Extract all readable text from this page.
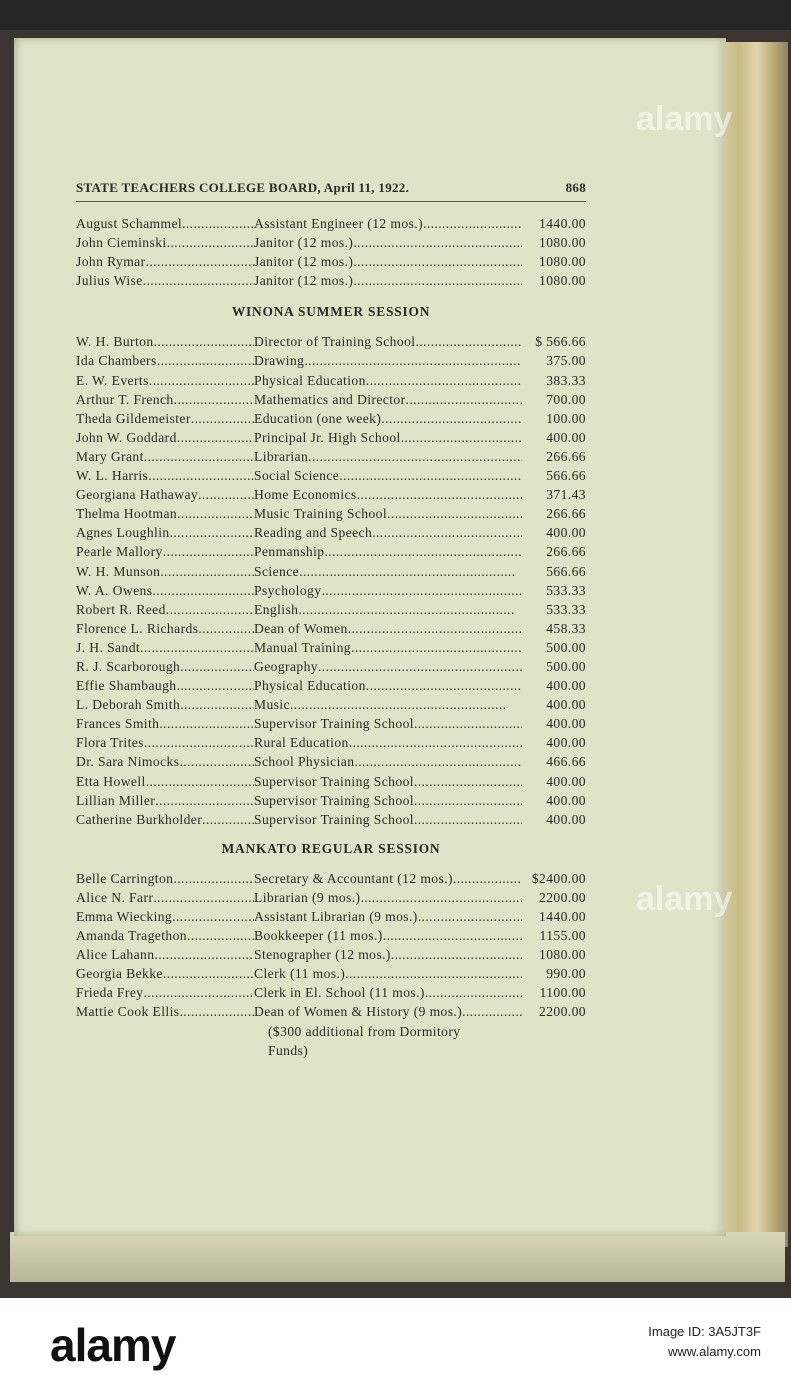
alamy
alamy
STATE TEACHERS COLLEGE BOARD, April 11, 1922.	868
August Schammel . . .	Assistant Engineer (12 mos.) . . .	1440.00
John Cieminski . . .	Janitor (12 mos.) . . .	1080.00
John Rymar . . .	Janitor (12 mos.) . . .	1080.00
Julius Wise . . .	Janitor (12 mos.) . . .	1080.00
WINONA SUMMER SESSION
W. H. Burton . . .	Director of Training School . . .	$ 566.66
Ida Chambers . . .	Drawing . . .	375.00
E. W. Everts . . .	Physical Education . . .	383.33
Arthur T. French . . .	Mathematics and Director . . .	700.00
Theda Gildemeister . . .	Education (one week) . . .	100.00
John W. Goddard . . .	Principal Jr. High School . . .	400.00
Mary Grant . . .	Librarian . . .	266.66
W. L. Harris . . .	Social Science . . .	566.66
Georgiana Hathaway . . .	Home Economics . . .	371.43
Thelma Hootman . . .	Music Training School . . .	266.66
Agnes Loughlin . . .	Reading and Speech . . .	400.00
Pearle Mallory . . .	Penmanship . . .	266.66
W. H. Munson . . .	Science . . .	566.66
W. A. Owens . . .	Psychology . . .	533.33
Robert R. Reed . . .	English . . .	533.33
Florence L. Richards . . .	Dean of Women . . .	458.33
J. H. Sandt . . .	Manual Training . . .	500.00
R. J. Scarborough . . .	Geography . . .	500.00
Effie Shambaugh . . .	Physical Education . . .	400.00
L. Deborah Smith . . .	Music . . .	400.00
Frances Smith . . .	Supervisor Training School . . .	400.00
Flora Trites . . .	Rural Education . . .	400.00
Dr. Sara Nimocks . . .	School Physician . . .	466.66
Etta Howell . . .	Supervisor Training School . . .	400.00
Lillian Miller . . .	Supervisor Training School . . .	400.00
Catherine Burkholder . . .	Supervisor Training School . . .	400.00
MANKATO REGULAR SESSION
Belle Carrington . . .	Secretary & Accountant (12 mos.) . . .	$2400.00
Alice N. Farr . . .	Librarian (9 mos.) . . .	2200.00
Emma Wiecking . . .	Assistant Librarian (9 mos.) . . .	1440.00
Amanda Tragethon . . .	Bookkeeper (11 mos.) . . .	1155.00
Alice Lahann . . .	Stenographer (12 mos.) . . .	1080.00
Georgia Bekke . . .	Clerk (11 mos.) . . .	990.00
Frieda Frey . . .	Clerk in El. School (11 mos.) . . .	1100.00
Mattie Cook Ellis . . .	Dean of Women & History (9 mos.) . . .	2200.00
($300 additional from Dormitory
Funds)
alamy	Image ID: 3A5JT3F
www.alamy.com
